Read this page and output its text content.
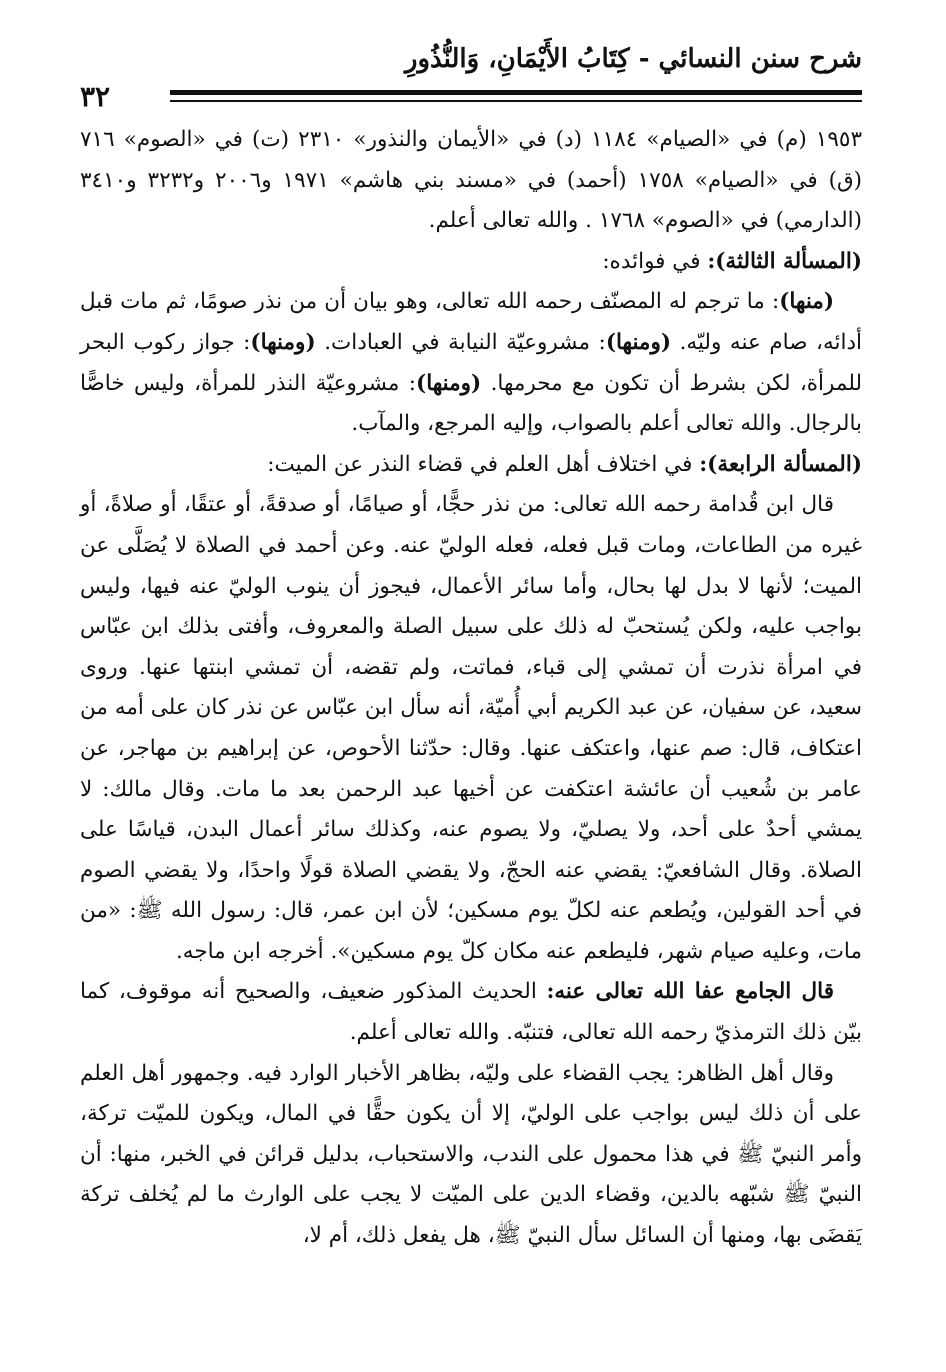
شرح سنن النسائي - كِتَابُ الأَيْمَانِ، وَالنُّذُورِ
٣٢

١٩٥٣ (م) في «الصيام» ١١٨٤ (د) في «الأيمان والنذور» ٢٣١٠ (ت) في «الصوم» ٧١٦ (ق) في «الصيام» ١٧٥٨ (أحمد) في «مسند بني هاشم» ١٩٧١ و٢٠٠٦ و٣٢٣٢ و٣٤١٠ (الدارمي) في «الصوم» ١٧٦٨ . والله تعالى أعلم.

(المسألة الثالثة): في فوائده:

(منها): ما ترجم له المصنّف رحمه الله تعالى، وهو بيان أن من نذر صومًا، ثم مات قبل أدائه، صام عنه وليّه. (ومنها): مشروعيّة النيابة في العبادات. (ومنها): جواز ركوب البحر للمرأة، لكن بشرط أن تكون مع محرمها. (ومنها): مشروعيّة النذر للمرأة، وليس خاصًّا بالرجال. والله تعالى أعلم بالصواب، وإليه المرجع، والمآب.

(المسألة الرابعة): في اختلاف أهل العلم في قضاء النذر عن الميت:

قال ابن قُدامة رحمه الله تعالى: من نذر حجًّا، أو صيامًا، أو صدقةً، أو عتقًا، أو صلاةً، أو غيره من الطاعات، ومات قبل فعله، فعله الوليّ عنه. وعن أحمد في الصلاة لا يُصَلَّى عن الميت؛ لأنها لا بدل لها بحال، وأما سائر الأعمال، فيجوز أن ينوب الوليّ عنه فيها، وليس بواجب عليه، ولكن يُستحبّ له ذلك على سبيل الصلة والمعروف، وأفتى بذلك ابن عبّاس في امرأة نذرت أن تمشي إلى قباء، فماتت، ولم تقضه، أن تمشي ابنتها عنها. وروى سعيد، عن سفيان، عن عبد الكريم أبي أُميّة، أنه سأل ابن عبّاس عن نذر كان على أمه من اعتكاف، قال: صم عنها، واعتكف عنها. وقال: حدّثنا الأحوص، عن إبراهيم بن مهاجر، عن عامر بن شُعيب أن عائشة اعتكفت عن أخيها عبد الرحمن بعد ما مات. وقال مالك: لا يمشي أحدٌ على أحد، ولا يصليّ، ولا يصوم عنه، وكذلك سائر أعمال البدن، قياسًا على الصلاة. وقال الشافعيّ: يقضي عنه الحجّ، ولا يقضي الصلاة قولًا واحدًا، ولا يقضي الصوم في أحد القولين، ويُطعم عنه لكلّ يوم مسكين؛ لأن ابن عمر، قال: رسول الله ﷺ: «من مات، وعليه صيام شهر، فليطعم عنه مكان كلّ يوم مسكين». أخرجه ابن ماجه.

قال الجامع عفا الله تعالى عنه: الحديث المذكور ضعيف، والصحيح أنه موقوف، كما بيّن ذلك الترمذيّ رحمه الله تعالى، فتنبّه. والله تعالى أعلم.

وقال أهل الظاهر: يجب القضاء على وليّه، بظاهر الأخبار الوارد فيه. وجمهور أهل العلم على أن ذلك ليس بواجب على الوليّ، إلا أن يكون حقًّا في المال، ويكون للميّت تركة، وأمر النبيّ ﷺ في هذا محمول على الندب، والاستحباب، بدليل قرائن في الخبر، منها: أن النبيّ ﷺ شبّهه بالدين، وقضاء الدين على الميّت لا يجب على الوارث ما لم يُخلف تركة يَقضَى بها، ومنها أن السائل سأل النبيّ ﷺ، هل يفعل ذلك، أم لا،
